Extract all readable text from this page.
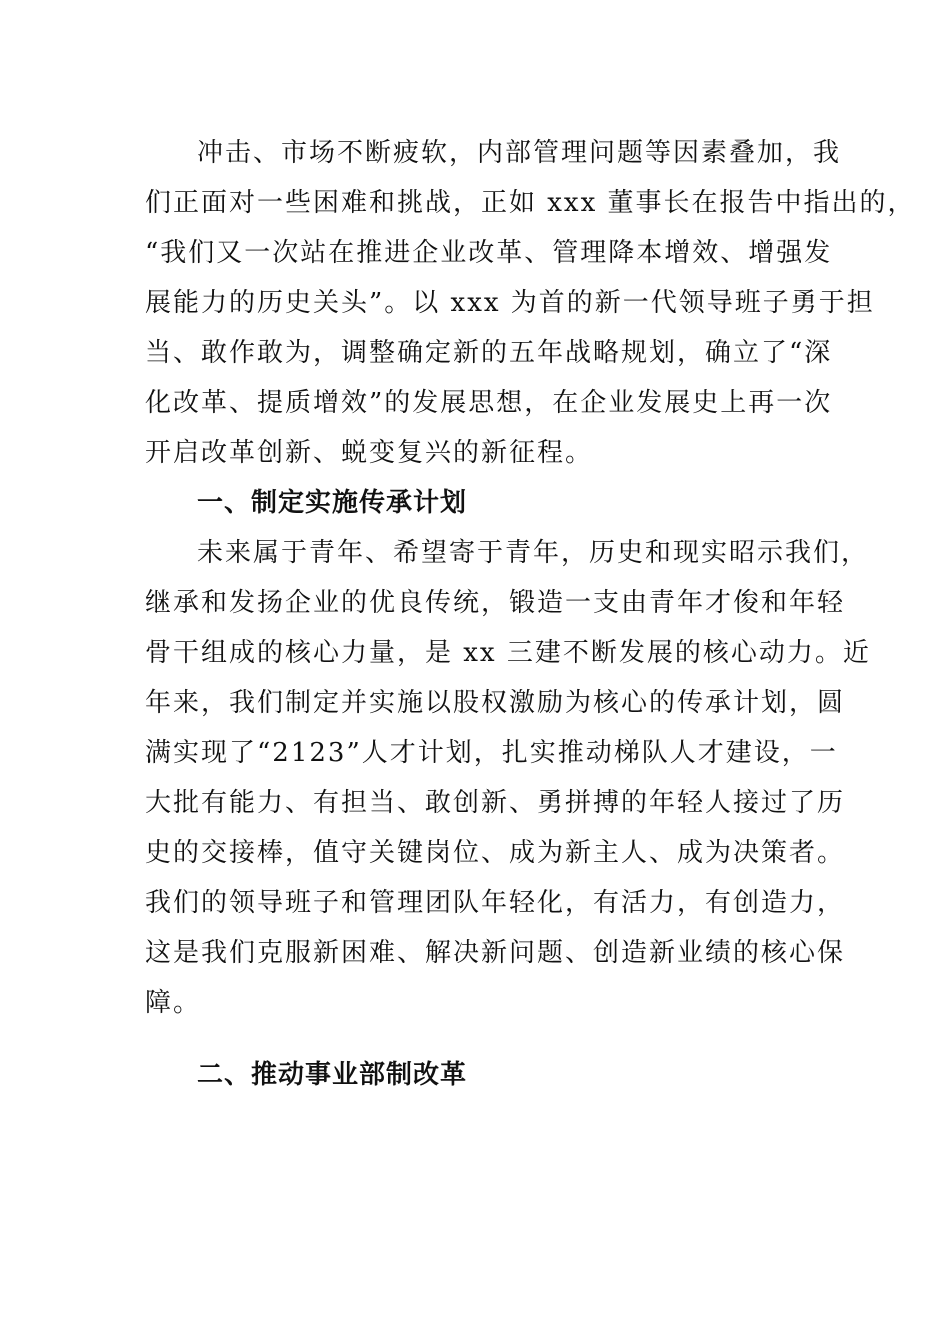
冲击、市场不断疲软，内部管理问题等因素叠加，我
们正面对一些困难和挑战，正如 xxx 董事长在报告中指出的，
“我们又一次站在推进企业改革、管理降本增效、增强发
展能力的历史关头”。以 xxx 为首的新一代领导班子勇于担
当、敢作敢为，调整确定新的五年战略规划，确立了“深
化改革、提质增效”的发展思想，在企业发展史上再一次
开启改革创新、蜕变复兴的新征程。
一、制定实施传承计划
未来属于青年、希望寄于青年，历史和现实昭示我们，
继承和发扬企业的优良传统，锻造一支由青年才俊和年轻
骨干组成的核心力量，是 xx 三建不断发展的核心动力。近
年来，我们制定并实施以股权激励为核心的传承计划，圆
满实现了“2123”人才计划，扎实推动梯队人才建设，一
大批有能力、有担当、敢创新、勇拼搏的年轻人接过了历
史的交接棒，值守关键岗位、成为新主人、成为决策者。
我们的领导班子和管理团队年轻化，有活力，有创造力，
这是我们克服新困难、解决新问题、创造新业绩的核心保
障。
二、推动事业部制改革
